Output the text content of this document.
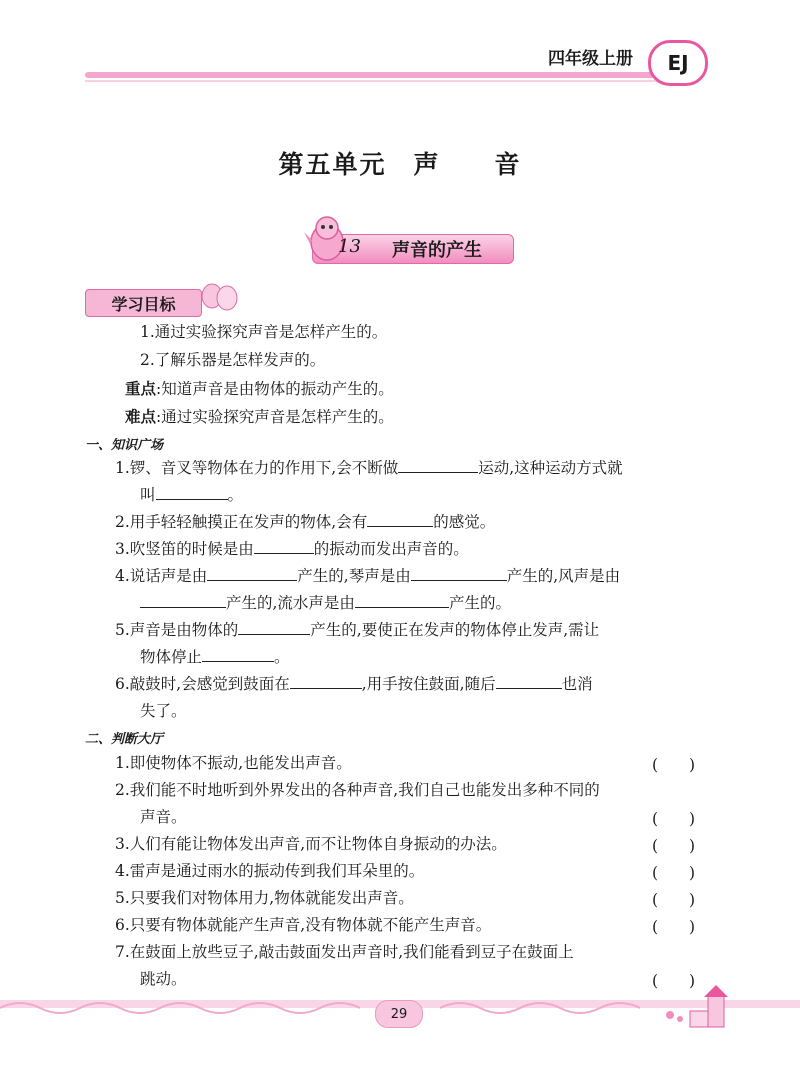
四年级上册	EJ
第五单元　声　　音
13 声音的产生
学习目标
1.通过实验探究声音是怎样产生的。
2.了解乐器是怎样发声的。
重点:知道声音是由物体的振动产生的。
难点:通过实验探究声音是怎样产生的。
一、知识广场
1.锣、音叉等物体在力的作用下,会不断做	运动,这种运动方式就
叫	。
2.用手轻轻触摸正在发声的物体,会有	的感觉。
3.吹竖笛的时候是由	的振动而发出声音的。
4.说话声是由	产生的,琴声是由	产生的,风声是由
产生的,流水声是由	产生的。
5.声音是由物体的	产生的,要使正在发声的物体停止发声,需让
物体停止	。
6.敲鼓时,会感觉到鼓面在	,用手按住鼓面,随后	也消
失了。
二、判断大厅
1.即使物体不振动,也能发出声音。	(　　)
2.我们能不时地听到外界发出的各种声音,我们自己也能发出多种不同的
声音。	(　　)
3.人们有能让物体发出声音,而不让物体自身振动的办法。	(　　)
4.雷声是通过雨水的振动传到我们耳朵里的。	(　　)
5.只要我们对物体用力,物体就能发出声音。	(　　)
6.只要有物体就能产生声音,没有物体就不能产生声音。	(　　)
7.在鼓面上放些豆子,敲击鼓面发出声音时,我们能看到豆子在鼓面上
跳动。	(　　)
29
